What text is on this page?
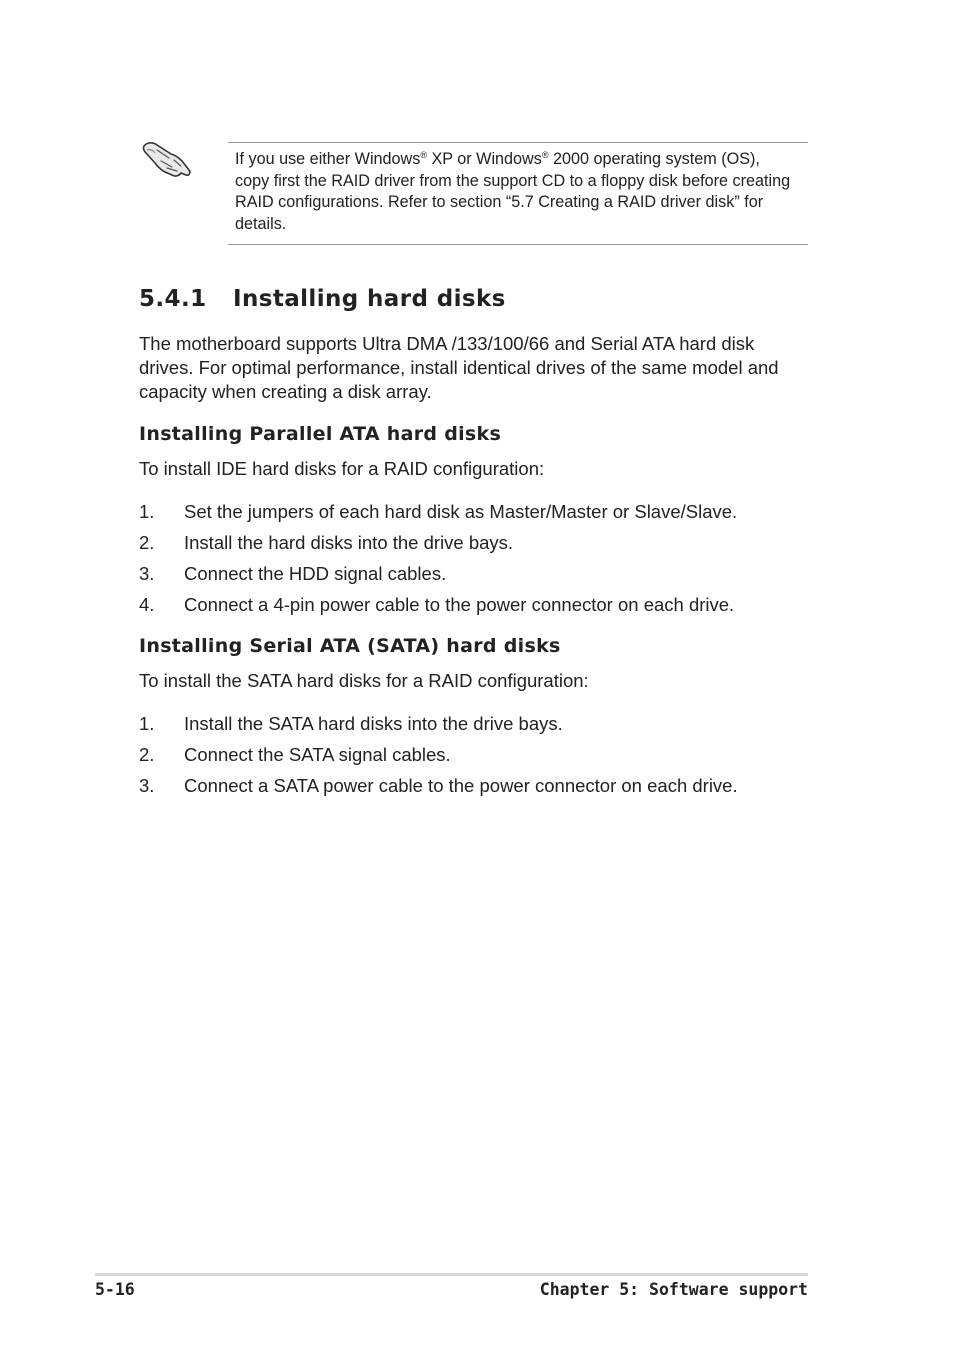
If you use either Windows® XP or Windows® 2000 operating system (OS), copy first the RAID driver from the support CD to a floppy disk before creating RAID configurations. Refer to section “5.7 Creating a RAID driver disk” for details.

5.4.1 Installing hard disks

The motherboard supports Ultra DMA /133/100/66 and Serial ATA hard disk drives. For optimal performance, install identical drives of the same model and capacity when creating a disk array.

Installing Parallel ATA hard disks

To install IDE hard disks for a RAID configuration:

1. Set the jumpers of each hard disk as Master/Master or Slave/Slave.
2. Install the hard disks into the drive bays.
3. Connect the HDD signal cables.
4. Connect a 4-pin power cable to the power connector on each drive.
Installing Serial ATA (SATA) hard disks

To install the SATA hard disks for a RAID configuration:

1. Install the SATA hard disks into the drive bays.
2. Connect the SATA signal cables.
3. Connect a SATA power cable to the power connector on each drive.
5-16	Chapter 5: Software support
